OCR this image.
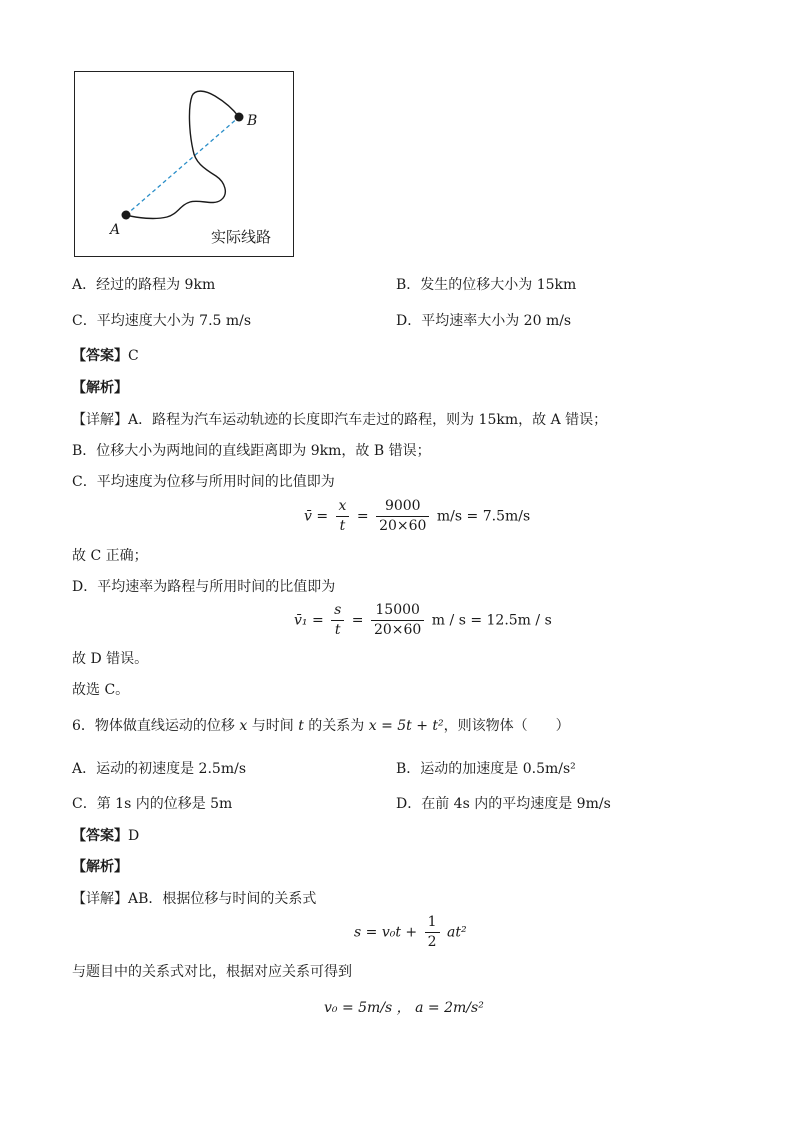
A
B
实际线路
A．经过的路程为 9km	B．发生的位移大小为 15km
C．平均速度大小为 7.5 m/s	D．平均速率大小为 20 m/s
【答案】C
【解析】
【详解】A．路程为汽车运动轨迹的长度即汽车走过的路程，则为 15km，故 A 错误；
B．位移大小为两地间的直线距离即为 9km，故 B 错误；
C．平均速度为位移与所用时间的比值即为
v̄ = $\frac{x}{t} = \frac{9000}{20\times 60} m/s = 7.5m/s$
故 C 正确；
D．平均速率为路程与所用时间的比值即为
v̄₁ = $\frac{s}{t} = \frac{15000}{20\times 60}$ m / s = 12.5m / s
故 D 错误。
故选 C。
6．物体做直线运动的位移 x 与时间 t 的关系为 x = 5t + t²，则该物体（　　）
A．运动的初速度是 2.5m/s	B．运动的加速度是 0.5m/s²
C．第 1s 内的位移是 5m	D．在前 4s 内的平均速度是 9m/s
【答案】D
【解析】
【详解】AB．根据位移与时间的关系式
$s = v_0t + \frac{1}{2} at^2$
与题目中的关系式对比，根据对应关系可得到
v₀ = 5m/s ， a = 2m/s²
